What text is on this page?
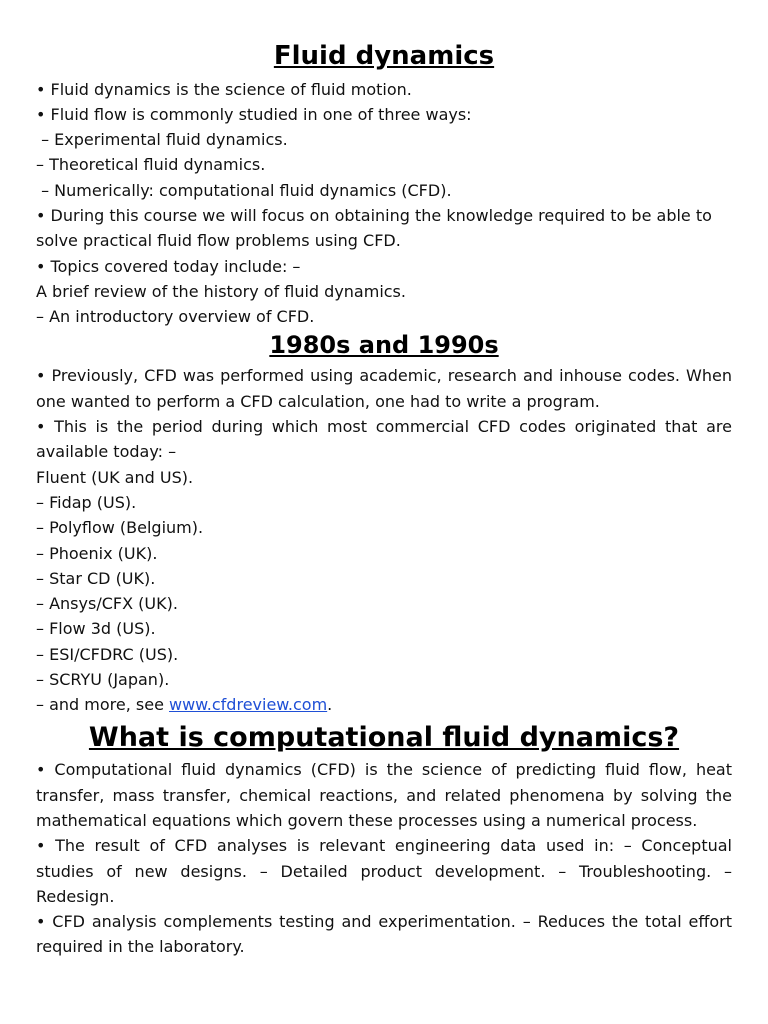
Fluid dynamics

• Fluid dynamics is the science of fluid motion.

• Fluid flow is commonly studied in one of three ways:

– Experimental fluid dynamics.

– Theoretical fluid dynamics.

– Numerically: computational fluid dynamics (CFD).

• During this course we will focus on obtaining the knowledge required to be able to solve practical fluid flow problems using CFD.

• Topics covered today include: –

A brief review of the history of fluid dynamics.

– An introductory overview of CFD.

1980s and 1990s

• Previously, CFD was performed using academic, research and inhouse codes. When one wanted to perform a CFD calculation, one had to write a program.

• This is the period during which most commercial CFD codes originated that are available today: –

Fluent (UK and US).

– Fidap (US).

– Polyflow (Belgium).

– Phoenix (UK).

– Star CD (UK).

– Ansys/CFX (UK).

– Flow 3d (US).

– ESI/CFDRC (US).

– SCRYU (Japan).

– and more, see www.cfdreview.com.

What is computational fluid dynamics?

• Computational fluid dynamics (CFD) is the science of predicting fluid flow, heat transfer, mass transfer, chemical reactions, and related phenomena by solving the mathematical equations which govern these processes using a numerical process.

• The result of CFD analyses is relevant engineering data used in: – Conceptual studies of new designs. – Detailed product development. – Troubleshooting. – Redesign.

• CFD analysis complements testing and experimentation. – Reduces the total effort required in the laboratory.
